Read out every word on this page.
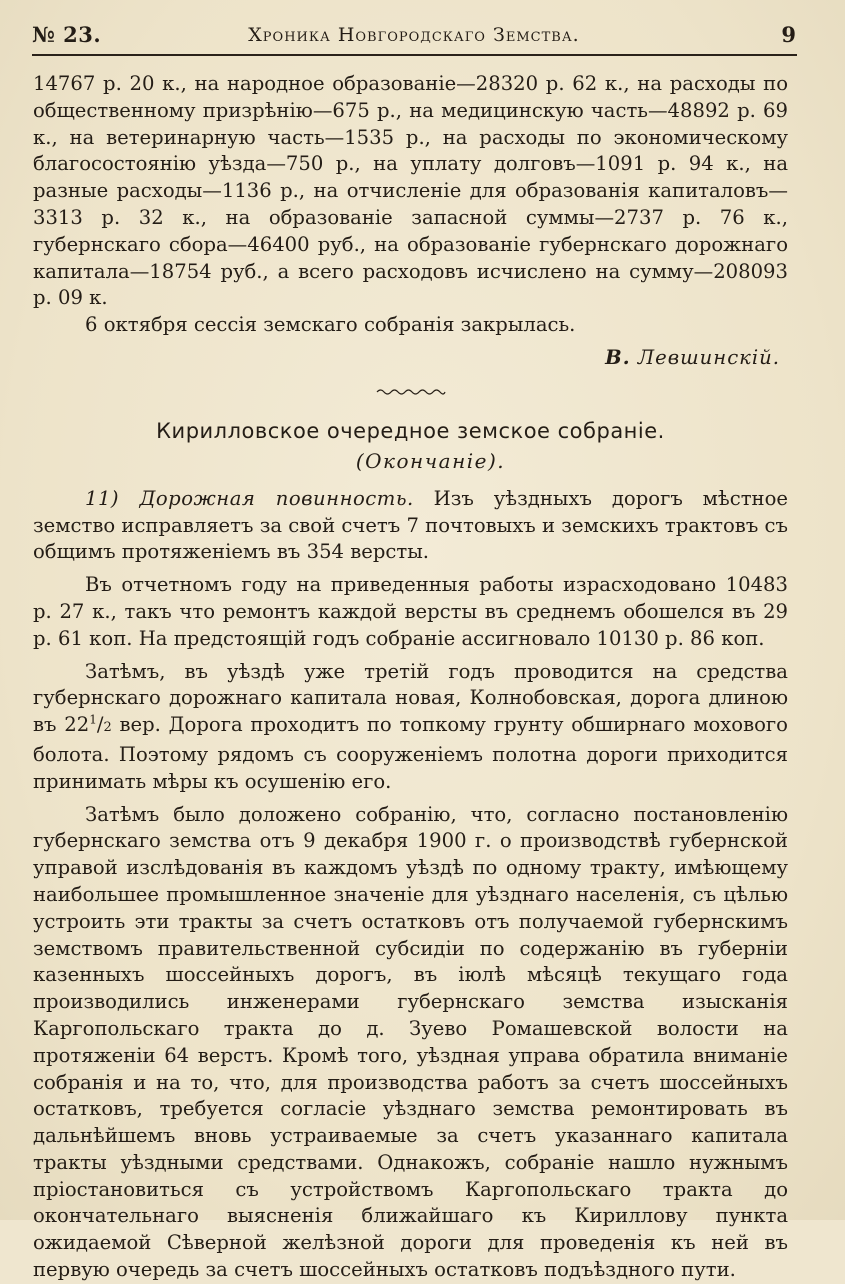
№ 23.	Хроника Новгородскаго Земства.	9

14767 р. 20 к., на народное образованіе—28320 р. 62 к., на расходы по общественному призрѣнію—675 р., на медицинскую часть—48892 р. 69 к., на ветеринарную часть—1535 р., на расходы по экономическому благосостоянію уѣзда—750 р., на уплату долговъ—1091 р. 94 к., на разные расходы—1136 р., на отчисленіе для образованія капиталовъ—3313 р. 32 к., на образованіе запасной суммы—2737 р. 76 к., губернскаго сбора—46400 руб., на образованіе губернскаго дорожнаго капитала—18754 руб., а всего расходовъ исчислено на сумму—208093 р. 09 к.

6 октября сессія земскаго собранія закрылась.

В. Левшинскій.
Кирилловское очередное земское собраніе.
(Окончаніе).

11) Дорожная повинность. Изъ уѣздныхъ дорогъ мѣстное земство исправляетъ за свой счетъ 7 почтовыхъ и земскихъ трактовъ съ общимъ протяженіемъ въ 354 версты.

Въ отчетномъ году на приведенныя работы израсходовано 10483 р. 27 к., такъ что ремонтъ каждой версты въ среднемъ обошелся въ 29 р. 61 коп. На предстоящій годъ собраніе ассигновало 10130 р. 86 коп.

Затѣмъ, въ уѣздѣ уже третій годъ проводится на средства губернскаго дорожнаго капитала новая, Колнобовская, дорога длиною въ $22^1/2$ вер. Дорога проходитъ по топкому грунту обширнаго мохового болота. Поэтому рядомъ съ сооруженіемъ полотна дороги приходится принимать мѣры къ осушенію его.

Затѣмъ было доложено собранію, что, согласно постановленію губернскаго земства отъ 9 декабря 1900 г. о производствѣ губернской управой изслѣдованія въ каждомъ уѣздѣ по одному тракту, имѣющему наибольшее промышленное значеніе для уѣзднаго населенія, съ цѣлью устроить эти тракты за счетъ остатковъ отъ получаемой губернскимъ земствомъ правительственной субсидіи по содержанію въ губерніи казенныхъ шоссейныхъ дорогъ, въ іюлѣ мѣсяцѣ текущаго года производились инженерами губернскаго земства изысканія Каргопольскаго тракта до д. Зуево Ромашевской волости на протяженіи 64 верстъ. Кромѣ того, уѣздная управа обратила вниманіе собранія и на то, что, для производства работъ за счетъ шоссейныхъ остатковъ, требуется согласіе уѣзднаго земства ремонтировать въ дальнѣйшемъ вновь устраиваемые за счетъ указаннаго капитала тракты уѣздными средствами. Однакожъ, собраніе нашло нужнымъ пріостановиться съ устройствомъ Каргопольскаго тракта до окончательнаго выясненія ближайшаго къ Кириллову пункта ожидаемой Сѣверной желѣзной дороги для проведенія къ ней въ первую очередь за счетъ шоссейныхъ остатковъ подъѣздного пути.
